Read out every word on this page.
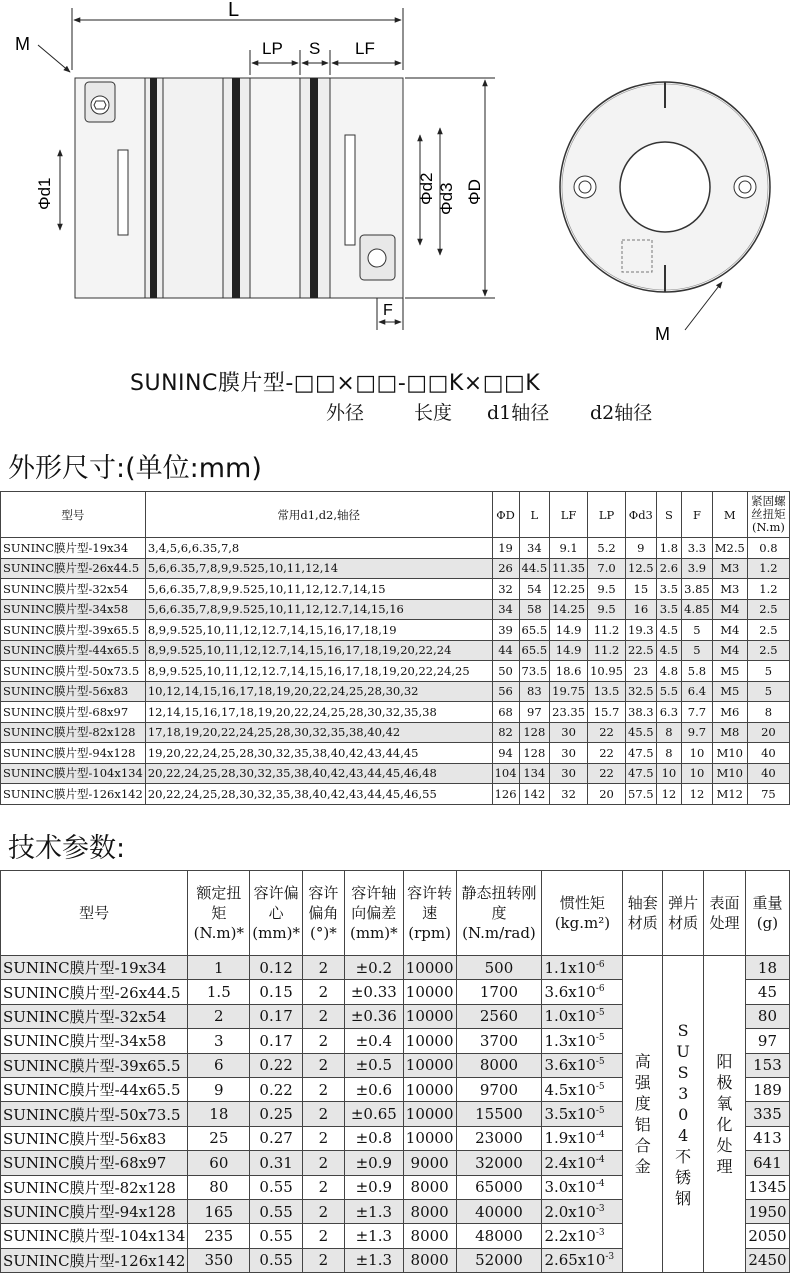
L
LP S LF
M
Φd1	Φd2 Φd3 ΦD
F
M
SUNINC膜片型-□□×□□-□□K×□□K
外径	长度 d1轴径 d2轴径
外形尺寸:(单位:mm)
型号	常用d1,d2,轴径	ΦD	L	LF	LP	Φd3	S	F	M	紧固螺丝扭矩(N.m)
SUNINC膜片型-19x34	3,4,5,6,6.35,7,8	19	34	9.1	5.2	9	1.8	3.3	M2.5	0.8
SUNINC膜片型-26x44.5	5,6,6.35,7,8,9,9.525,10,11,12,14	26	44.5	11.35	7.0	12.5	2.6	3.9	M3	1.2
SUNINC膜片型-32x54	5,6,6.35,7,8,9,9.525,10,11,12,12.7,14,15	32	54	12.25	9.5	15	3.5	3.85	M3	1.2
SUNINC膜片型-34x58	5,6,6.35,7,8,9,9.525,10,11,12,12.7,14,15,16	34	58	14.25	9.5	16	3.5	4.85	M4	2.5
SUNINC膜片型-39x65.5	8,9,9.525,10,11,12,12.7,14,15,16,17,18,19	39	65.5	14.9	11.2	19.3	4.5	5	M4	2.5
SUNINC膜片型-44x65.5	8,9,9.525,10,11,12,12.7,14,15,16,17,18,19,20,22,24	44	65.5	14.9	11.2	22.5	4.5	5	M4	2.5
SUNINC膜片型-50x73.5	8,9,9.525,10,11,12,12.7,14,15,16,17,18,19,20,22,24,25	50	73.5	18.6	10.95	23	4.8	5.8	M5	5
SUNINC膜片型-56x83	10,12,14,15,16,17,18,19,20,22,24,25,28,30,32	56	83	19.75	13.5	32.5	5.5	6.4	M5	5
SUNINC膜片型-68x97	12,14,15,16,17,18,19,20,22,24,25,28,30,32,35,38	68	97	23.35	15.7	38.3	6.3	7.7	M6	8
SUNINC膜片型-82x128	17,18,19,20,22,24,25,28,30,32,35,38,40,42	82	128	30	22	45.5	8	9.7	M8	20
SUNINC膜片型-94x128	19,20,22,24,25,28,30,32,35,38,40,42,43,44,45	94	128	30	22	47.5	8	10	M10	40
SUNINC膜片型-104x134	20,22,24,25,28,30,32,35,38,40,42,43,44,45,46,48	104	134	30	22	47.5	10	10	M10	40
SUNINC膜片型-126x142	20,22,24,25,28,30,32,35,38,40,42,43,44,45,46,55	126	142	32	20	57.5	12	12	M12	75
技术参数:
型号	额定扭矩(N.m)*	容许偏心(mm)*	容许偏角(°)*	容许轴向偏差(mm)*	容许转速(rpm)	静态扭转刚度(N.m/rad)	惯性矩(kg.m²)	轴套材质	弹片材质	表面处理	重量(g)
SUNINC膜片型-19x34	1	0.12	2	±0.2	10000	500	$1.1x10^{-6}$	高强度铝合金	SUS304不锈钢	阳极氧化处理	18
SUNINC膜片型-26x44.5	1.5	0.15	2	±0.33	10000	1700	$3.6x10^{-6}$				45
SUNINC膜片型-32x54	2	0.17	2	±0.36	10000	2560	$1.0x10^{-5}$				80
SUNINC膜片型-34x58	3	0.17	2	±0.4	10000	3700	$1.3x10^{-5}$				97
SUNINC膜片型-39x65.5	6	0.22	2	±0.5	10000	8000	$3.6x10^{-5}$				153
SUNINC膜片型-44x65.5	9	0.22	2	±0.6	10000	9700	$4.5x10^{-5}$				189
SUNINC膜片型-50x73.5	18	0.25	2	±0.65	10000	15500	$3.5x10^{-5}$				335
SUNINC膜片型-56x83	25	0.27	2	±0.8	10000	23000	$1.9x10^{-4}$				413
SUNINC膜片型-68x97	60	0.31	2	±0.9	9000	32000	$2.4x10^{-4}$				641
SUNINC膜片型-82x128	80	0.55	2	±0.9	8000	65000	$3.0x10^{-4}$				1345
SUNINC膜片型-94x128	165	0.55	2	±1.3	8000	40000	$2.0x10^{-3}$				1950
SUNINC膜片型-104x134	235	0.55	2	±1.3	8000	48000	$2.2x10^{-3}$				2050
SUNINC膜片型-126x142	350	0.55	2	±1.3	8000	52000	$2.65x10^{-3}$				2450
